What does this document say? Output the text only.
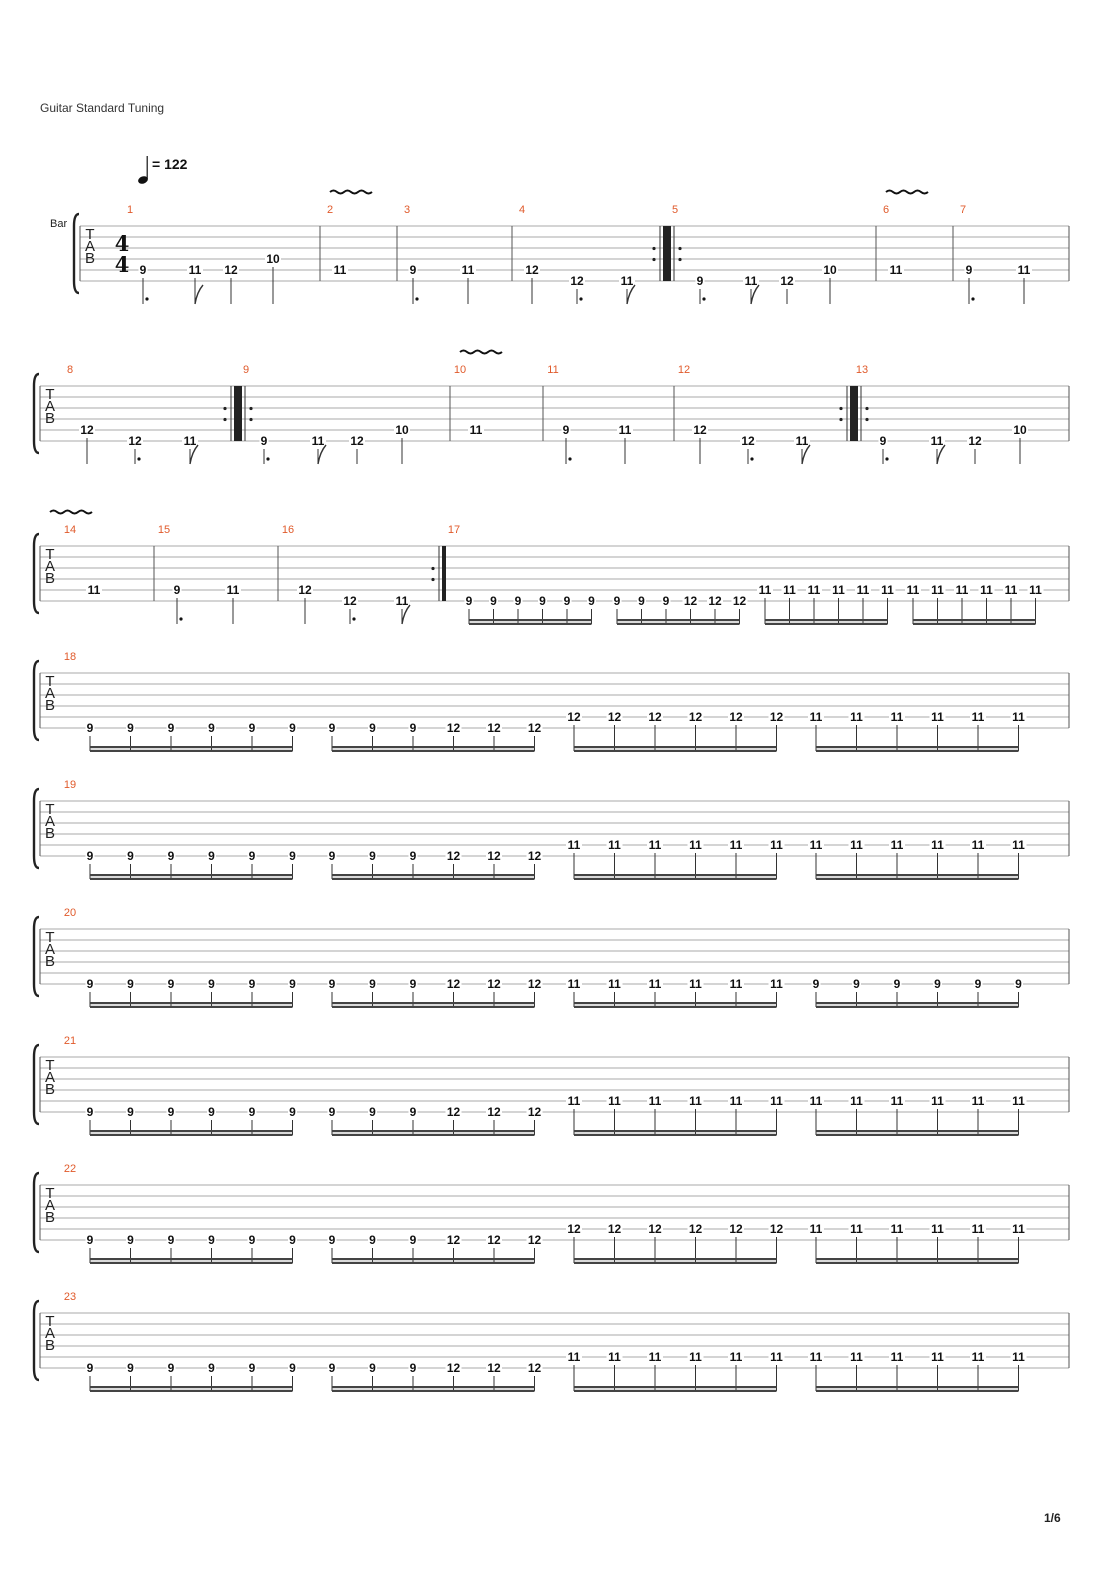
Guitar Standard Tuning
= 122
Bar
T
A
B
4
4
1
9	11 12
10
2
11
3
9	11
4
12
12	11
5
9	11 12
10
6
11
7
9	11
T
A
B
8
12
12	11
9
9	11 12
10
10
11
11
9	11
12
12
12	11
13
9	11 12
10
T
A
B
14
11
15
9	11
16
12
12	11
17
9 9 9 9 9 9 9 9 9 12 12 12
11 11 11 11 11 11 11 11 11 11 11 11
T
A
B
18
9	9	9	9	9	9	9	9	9	12 12 12
12 12 12 12 12 12 11 11 11 11 11 11
T
A
B
19
9	9	9	9	9	9	9	9	9	12 12 12
11 11 11 11 11 11 11 11 11 11 11 11
T
A
B
20
9	9	9	9	9	9	9	9	9	12 12 12 11 11 11 11 11 11 9	9	9	9	9	9
T
A
B
21
9	9	9	9	9	9	9	9	9	12 12 12
11 11 11 11 11 11 11 11 11 11 11 11
T
A
B
22
9	9	9	9	9	9	9	9	9	12 12 12
12 12 12 12 12 12 11 11 11 11 11 11
T
A
B
23
9	9	9	9	9	9	9	9	9	12 12 12
11 11 11 11 11 11 11 11 11 11 11 11
1/6
